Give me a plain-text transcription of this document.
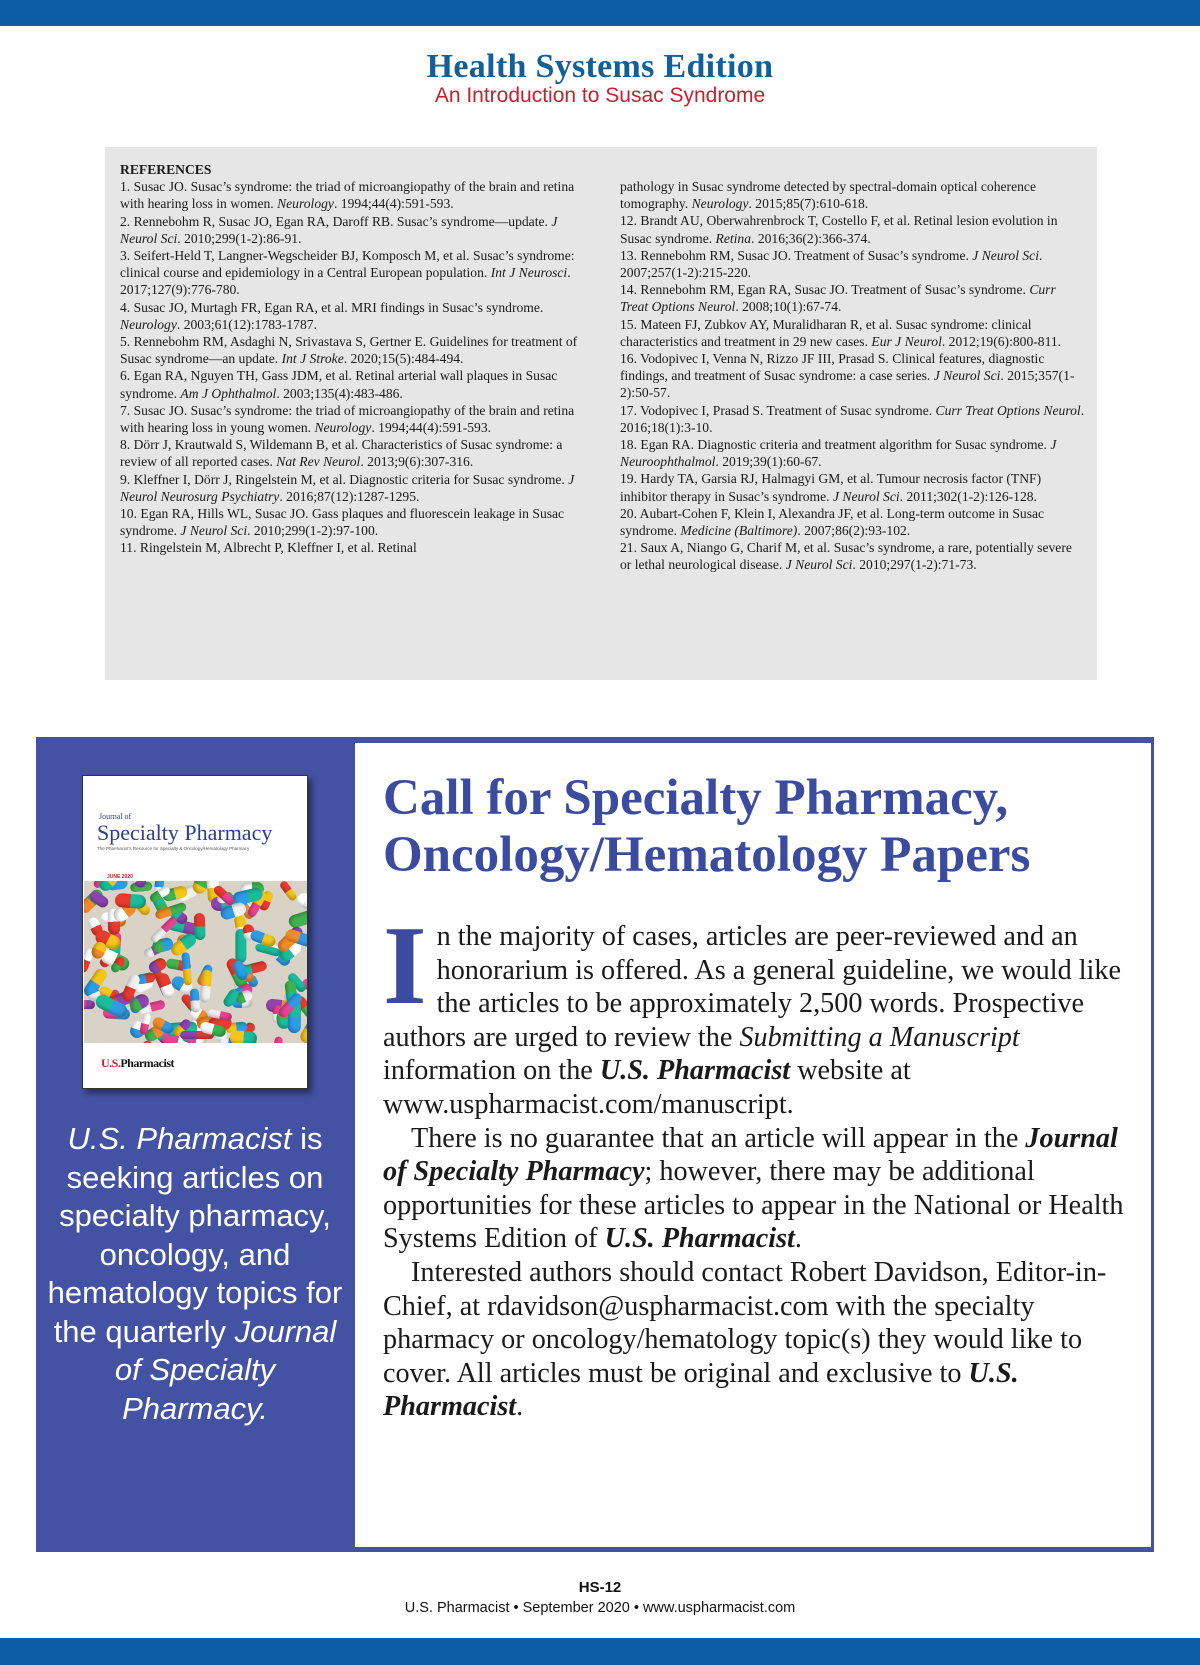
Health Systems Edition
An Introduction to Susac Syndrome
REFERENCES
1. Susac JO. Susac’s syndrome: the triad of microangiopathy of the brain and retina with hearing loss in women. Neurology. 1994;44(4):591-593.
2. Rennebohm R, Susac JO, Egan RA, Daroff RB. Susac’s syndrome—update. J Neurol Sci. 2010;299(1-2):86-91.
3. Seifert-Held T, Langner-Wegscheider BJ, Komposch M, et al. Susac’s syndrome: clinical course and epidemiology in a Central European population. Int J Neurosci. 2017;127(9):776-780.
4. Susac JO, Murtagh FR, Egan RA, et al. MRI findings in Susac’s syndrome. Neurology. 2003;61(12):1783-1787.
5. Rennebohm RM, Asdaghi N, Srivastava S, Gertner E. Guidelines for treatment of Susac syndrome—an update. Int J Stroke. 2020;15(5):484-494.
6. Egan RA, Nguyen TH, Gass JDM, et al. Retinal arterial wall plaques in Susac syndrome. Am J Ophthalmol. 2003;135(4):483-486.
7. Susac JO. Susac’s syndrome: the triad of microangiopathy of the brain and retina with hearing loss in young women. Neurology. 1994;44(4):591-593.
8. Dörr J, Krautwald S, Wildemann B, et al. Characteristics of Susac syndrome: a review of all reported cases. Nat Rev Neurol. 2013;9(6):307-316.
9. Kleffner I, Dörr J, Ringelstein M, et al. Diagnostic criteria for Susac syndrome. J Neurol Neurosurg Psychiatry. 2016;87(12):1287-1295.
10. Egan RA, Hills WL, Susac JO. Gass plaques and fluorescein leakage in Susac syndrome. J Neurol Sci. 2010;299(1-2):97-100.
11. Ringelstein M, Albrecht P, Kleffner I, et al. Retinal
pathology in Susac syndrome detected by spectral-domain optical coherence tomography. Neurology. 2015;85(7):610-618.
12. Brandt AU, Oberwahrenbrock T, Costello F, et al. Retinal lesion evolution in Susac syndrome. Retina. 2016;36(2):366-374.
13. Rennebohm RM, Susac JO. Treatment of Susac’s syndrome. J Neurol Sci. 2007;257(1-2):215-220.
14. Rennebohm RM, Egan RA, Susac JO. Treatment of Susac’s syndrome. Curr Treat Options Neurol. 2008;10(1):67-74.
15. Mateen FJ, Zubkov AY, Muralidharan R, et al. Susac syndrome: clinical characteristics and treatment in 29 new cases. Eur J Neurol. 2012;19(6):800-811.
16. Vodopivec I, Venna N, Rizzo JF III, Prasad S. Clinical features, diagnostic findings, and treatment of Susac syndrome: a case series. J Neurol Sci. 2015;357(1-2):50-57.
17. Vodopivec I, Prasad S. Treatment of Susac syndrome. Curr Treat Options Neurol. 2016;18(1):3-10.
18. Egan RA. Diagnostic criteria and treatment algorithm for Susac syndrome. J Neuroophthalmol. 2019;39(1):60-67.
19. Hardy TA, Garsia RJ, Halmagyi GM, et al. Tumour necrosis factor (TNF) inhibitor therapy in Susac’s syndrome. J Neurol Sci. 2011;302(1-2):126-128.
20. Aubart-Cohen F, Klein I, Alexandra JF, et al. Long-term outcome in Susac syndrome. Medicine (Baltimore). 2007;86(2):93-102.
21. Saux A, Niango G, Charif M, et al. Susac’s syndrome, a rare, potentially severe or lethal neurological disease. J Neurol Sci. 2010;297(1-2):71-73.
Journal of
Specialty Pharmacy
The Pharmacist's Resource for Specialty & Oncology/Hematology Pharmacy
JUNE 2020
U.S.Pharmacist
U.S. Pharmacist is seeking articles on specialty pharmacy, oncology, and hematology topics for the quarterly Journal of Specialty Pharmacy.
Call for Specialty Pharmacy, Oncology/Hematology Papers

In the majority of cases, articles are peer-reviewed and an honorarium is offered. As a general guideline, we would like the articles to be approximately 2,500 words. Prospective authors are urged to review the Submitting a Manuscript information on the U.S. Pharmacist website at www.uspharmacist.com/manuscript.

There is no guarantee that an article will appear in the Journal of Specialty Pharmacy; however, there may be additional opportunities for these articles to appear in the National or Health Systems Edition of U.S. Pharmacist.

Interested authors should contact Robert Davidson, Editor-in-Chief, at rdavidson@uspharmacist.com with the specialty pharmacy or oncology/hematology topic(s) they would like to cover. All articles must be original and exclusive to U.S. Pharmacist.

HS-12
U.S. Pharmacist • September 2020 • www.uspharmacist.com
